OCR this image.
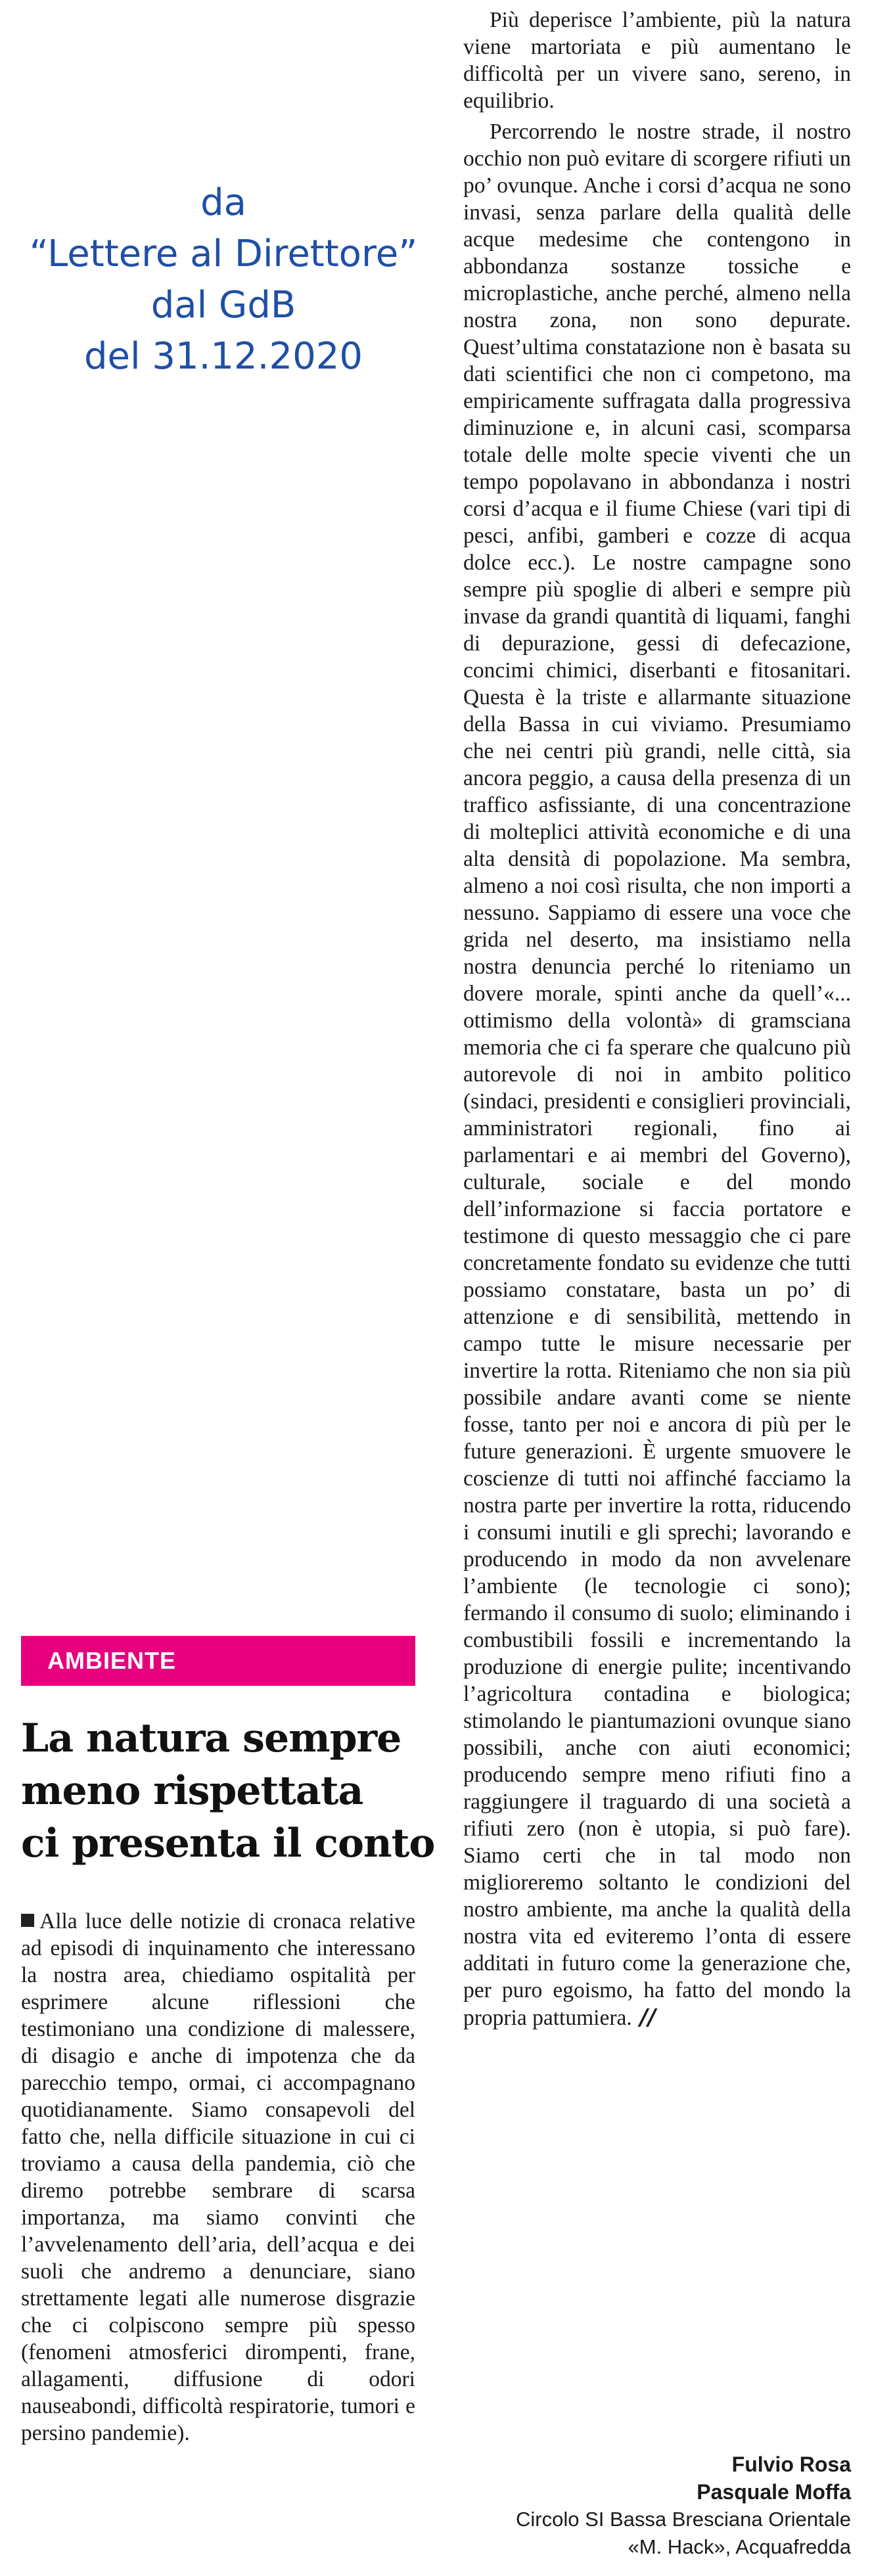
da
“Lettere al Direttore”
dal GdB
del 31.12.2020
AMBIENTE
La natura sempre
meno rispettata
ci presenta il conto
Alla luce delle notizie di cronaca relative ad episodi di inquinamento che interessano la nostra area, chiediamo ospitalità per esprimere alcune riflessioni che testimoniano una condizione di malessere, di disagio e anche di impotenza che da parecchio tempo, ormai, ci accompagnano quotidianamente. Siamo consapevoli del fatto che, nella difficile situazione in cui ci troviamo a causa della pandemia, ciò che diremo potrebbe sembrare di scarsa importanza, ma siamo convinti che l’avvelenamento dell’aria, dell’acqua e dei suoli che andremo a denunciare, siano strettamente legati alle numerose disgrazie che ci colpiscono sempre più spesso (fenomeni atmosferici dirompenti, frane, allagamenti, diffusione di odori nauseabondi, difficoltà respiratorie, tumori e persino pandemie).

Più deperisce l’ambiente, più la natura viene martoriata e più aumentano le difficoltà per un vivere sano, sereno, in equilibrio.

Percorrendo le nostre strade, il nostro occhio non può evitare di scorgere rifiuti un po’ ovunque. Anche i corsi d’acqua ne sono invasi, senza parlare della qualità delle acque medesime che contengono in abbondanza sostanze tossiche e microplastiche, anche perché, almeno nella nostra zona, non sono depurate. Quest’ultima constatazione non è basata su dati scientifici che non ci competono, ma empiricamente suffragata dalla progressiva diminuzione e, in alcuni casi, scomparsa totale delle molte specie viventi che un tempo popolavano in abbondanza i nostri corsi d’acqua e il fiume Chiese (vari tipi di pesci, anfibi, gamberi e cozze di acqua dolce ecc.). Le nostre campagne sono sempre più spoglie di alberi e sempre più invase da grandi quantità di liquami, fanghi di depurazione, gessi di defecazione, concimi chimici, diserbanti e fitosanitari. Questa è la triste e allarmante situazione della Bassa in cui viviamo. Presumiamo che nei centri più grandi, nelle città, sia ancora peggio, a causa della presenza di un traffico asfissiante, di una concentrazione di molteplici attività economiche e di una alta densità di popolazione. Ma sembra, almeno a noi così risulta, che non importi a nessuno. Sappiamo di essere una voce che grida nel deserto, ma insistiamo nella nostra denuncia perché lo riteniamo un dovere morale, spinti anche da quell’«... ottimismo della volontà» di gramsciana memoria che ci fa sperare che qualcuno più autorevole di noi in ambito politico (sindaci, presidenti e consiglieri provinciali, amministratori regionali, fino ai parlamentari e ai membri del Governo), culturale, sociale e del mondo dell’informazione si faccia portatore e testimone di questo messaggio che ci pare concretamente fondato su evidenze che tutti possiamo constatare, basta un po’ di attenzione e di sensibilità, mettendo in campo tutte le misure necessarie per invertire la rotta. Riteniamo che non sia più possibile andare avanti come se niente fosse, tanto per noi e ancora di più per le future generazioni. È urgente smuovere le coscienze di tutti noi affinché facciamo la nostra parte per invertire la rotta, riducendo i consumi inutili e gli sprechi; lavorando e producendo in modo da non avvelenare l’ambiente (le tecnologie ci sono); fermando il consumo di suolo; eliminando i combustibili fossili e incrementando la produzione di energie pulite; incentivando l’agricoltura contadina e biologica; stimolando le piantumazioni ovunque siano possibili, anche con aiuti economici; producendo sempre meno rifiuti fino a raggiungere il traguardo di una società a rifiuti zero (non è utopia, si può fare). Siamo certi che in tal modo non miglioreremo soltanto le condizioni del nostro ambiente, ma anche la qualità della nostra vita ed eviteremo l’onta di essere additati in futuro come la generazione che, per puro egoismo, ha fatto del mondo la propria pattumiera. //

Fulvio Rosa
Pasquale Moffa
Circolo SI Bassa Bresciana Orientale
«M. Hack», Acquafredda
